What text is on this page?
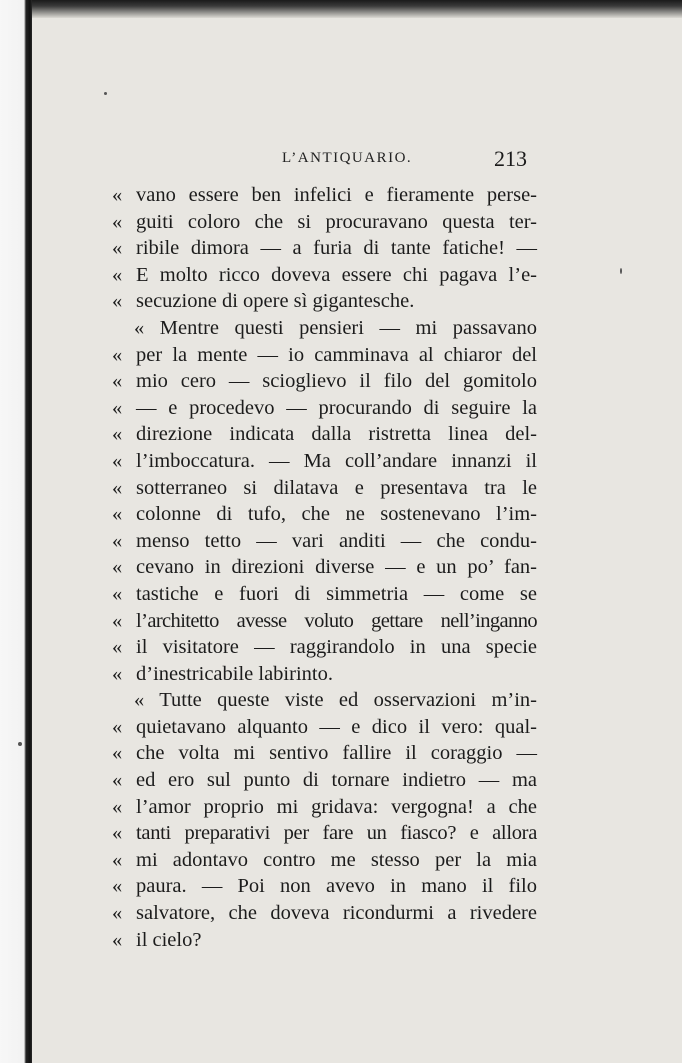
L’ANTIQUARIO.	213
« vano essere ben infelici e fieramente perse-
« guiti coloro che si procuravano questa ter-
« ribile dimora — a furia di tante fatiche! —
« E molto ricco doveva essere chi pagava l’e-
« secuzione di opere sì gigantesche.
« Mentre questi pensieri — mi passavano
« per la mente — io camminava al chiaror del
« mio cero — scioglievo il filo del gomitolo
« — e procedevo — procurando di seguire la
« direzione indicata dalla ristretta linea del-
« l’imboccatura. — Ma coll’andare innanzi il
« sotterraneo si dilatava e presentava tra le
« colonne di tufo, che ne sostenevano l’im-
« menso tetto — vari anditi — che condu-
« cevano in direzioni diverse — e un po’ fan-
« tastiche e fuori di simmetria — come se
« l’architetto avesse voluto gettare nell’inganno
« il visitatore — raggirandolo in una specie
« d’inestricabile labirinto.
« Tutte queste viste ed osservazioni m’in-
« quietavano alquanto — e dico il vero: qual-
« che volta mi sentivo fallire il coraggio —
« ed ero sul punto di tornare indietro — ma
« l’amor proprio mi gridava: vergogna! a che
« tanti preparativi per fare un fiasco? e allora
« mi adontavo contro me stesso per la mia
« paura. — Poi non avevo in mano il filo
« salvatore, che doveva ricondurmi a rivedere
« il cielo?
